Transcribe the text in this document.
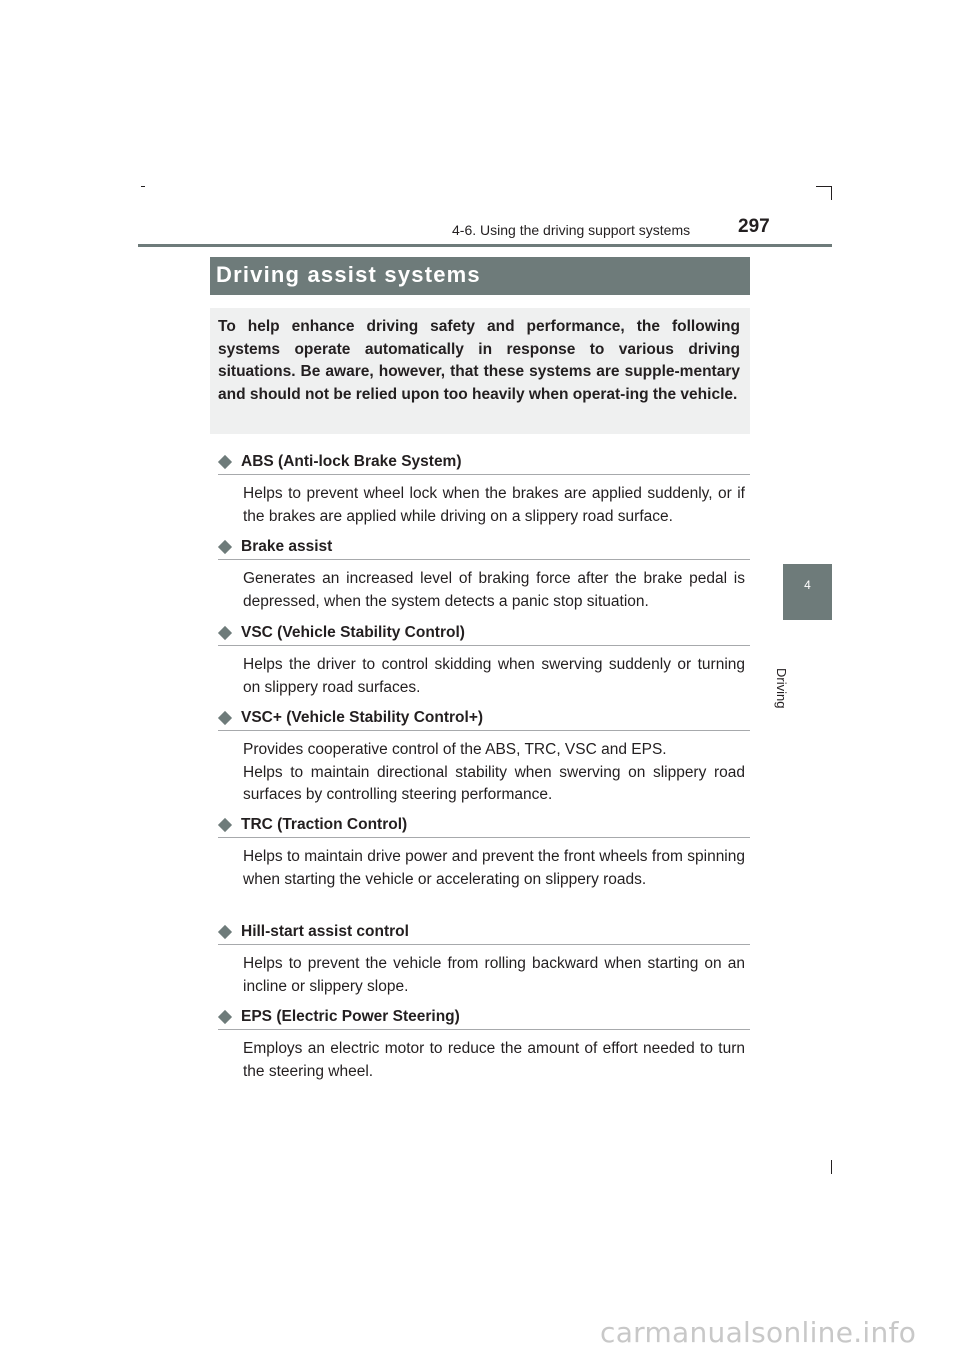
4-6. Using the driving support systems	297
4
Driving
Driving assist systems
To help enhance driving safety and performance, the following systems operate automatically in response to various driving situations. Be aware, however, that these systems are supple-mentary and should not be relied upon too heavily when operat-ing the vehicle.
ABS (Anti-lock Brake System)
Helps to prevent wheel lock when the brakes are applied suddenly, or if the brakes are applied while driving on a slippery road surface.
Brake assist
Generates an increased level of braking force after the brake pedal is depressed, when the system detects a panic stop situation.
VSC (Vehicle Stability Control)
Helps the driver to control skidding when swerving suddenly or turning on slippery road surfaces.
VSC+ (Vehicle Stability Control+)
Provides cooperative control of the ABS, TRC, VSC and EPS.
Helps to maintain directional stability when swerving on slippery road surfaces by controlling steering performance.
TRC (Traction Control)
Helps to maintain drive power and prevent the front wheels from spinning when starting the vehicle or accelerating on slippery roads.
Hill-start assist control
Helps to prevent the vehicle from rolling backward when starting on an incline or slippery slope.
EPS (Electric Power Steering)
Employs an electric motor to reduce the amount of effort needed to turn the steering wheel.
carmanualsonline.info
